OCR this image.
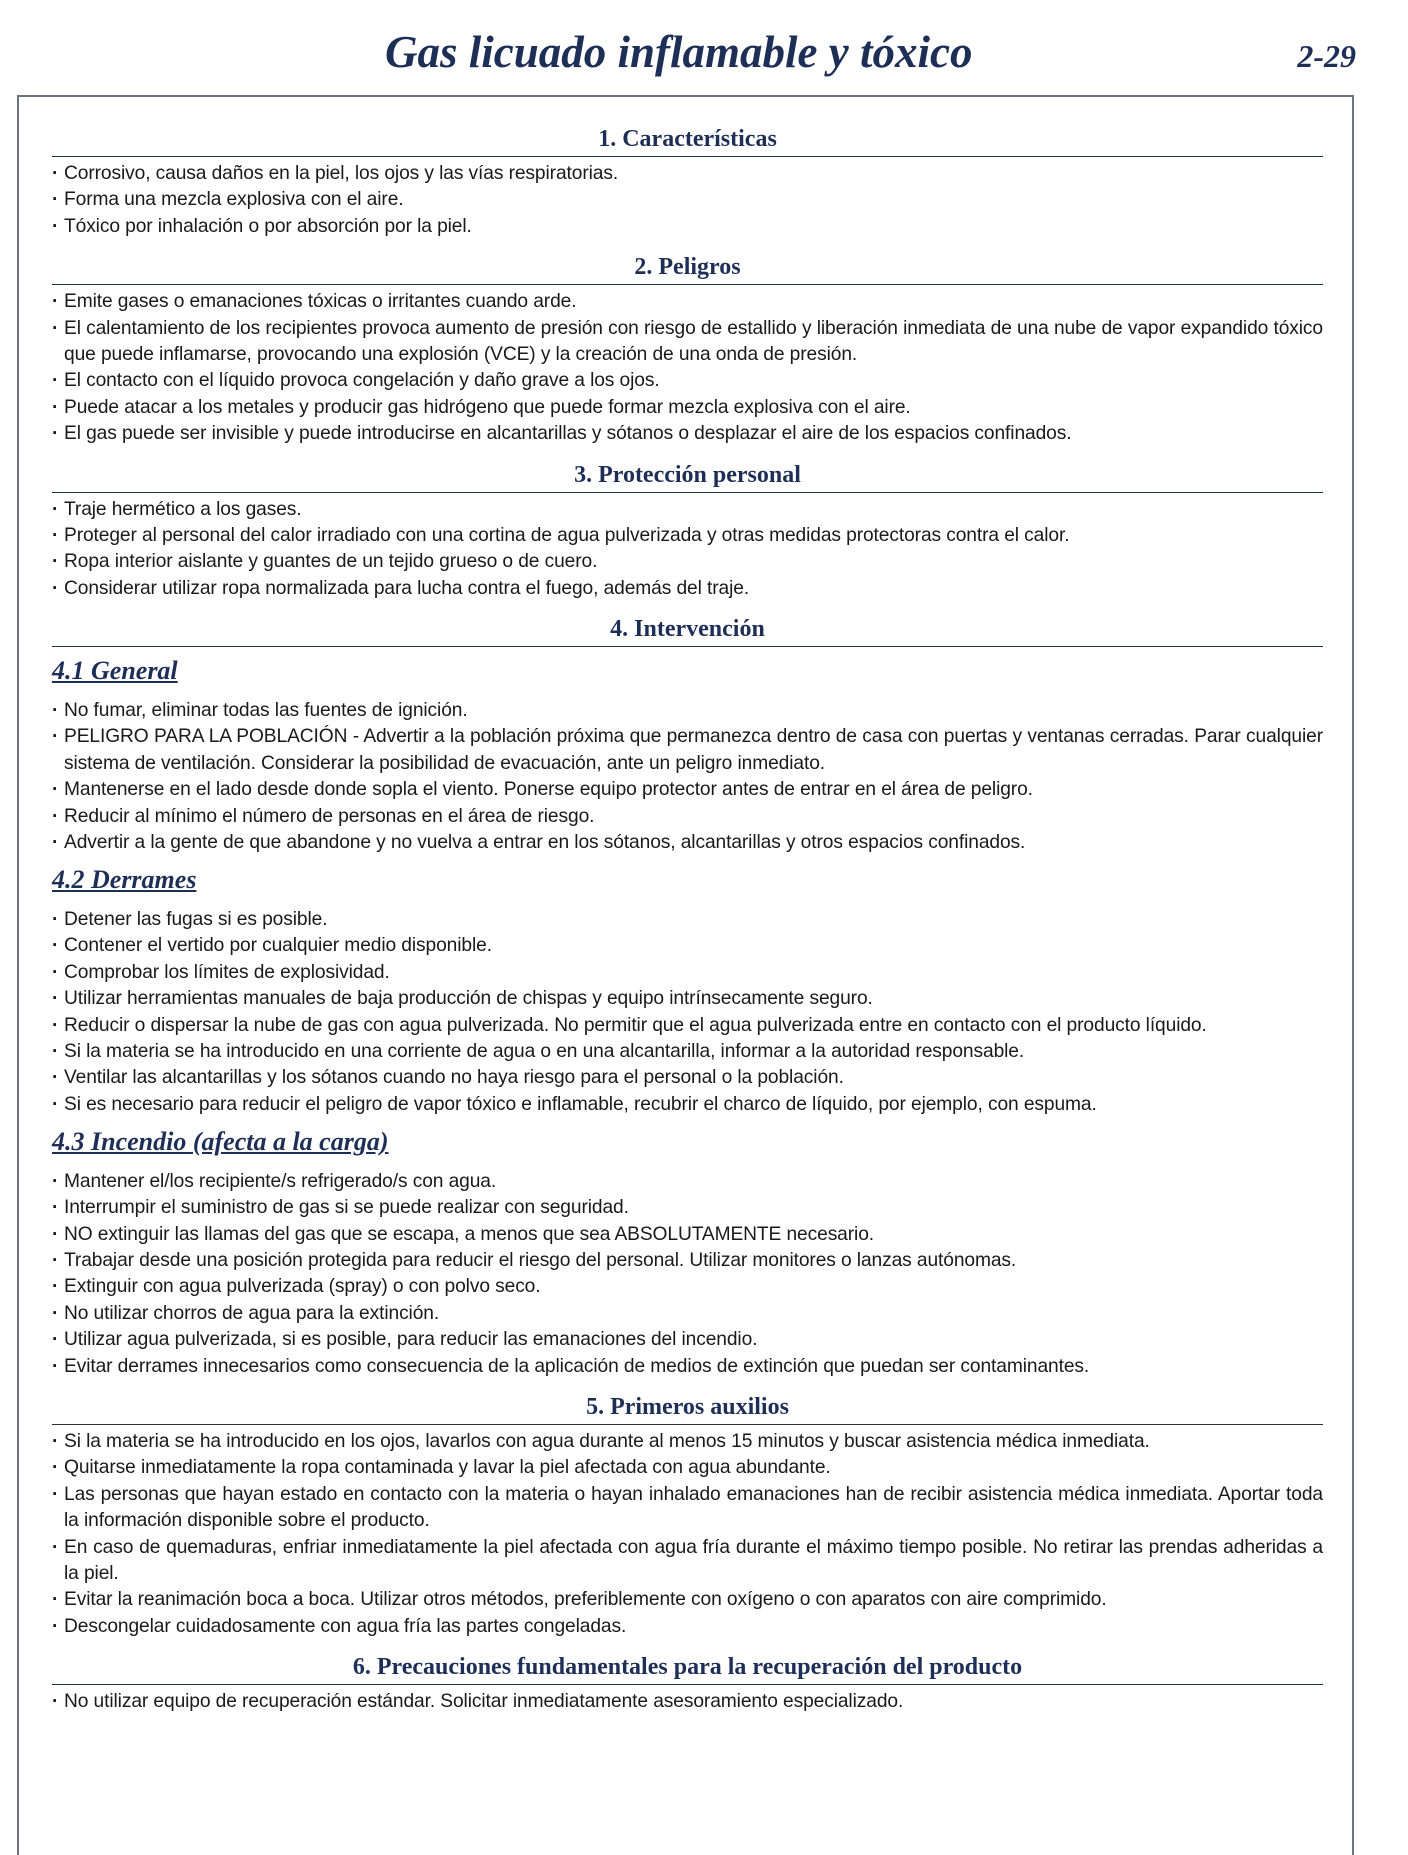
Gas licuado inflamable y tóxico	2-29
1. Características
· Corrosivo, causa daños en la piel, los ojos y las vías respiratorias.
· Forma una mezcla explosiva con el aire.
· Tóxico por inhalación o por absorción por la piel.
2. Peligros
· Emite gases o emanaciones tóxicas o irritantes cuando arde.
· El calentamiento de los recipientes provoca aumento de presión con riesgo de estallido y liberación inmediata de una nube de vapor expandido tóxico que puede inflamarse, provocando una explosión (VCE) y la creación de una onda de presión.
· El contacto con el líquido provoca congelación y daño grave a los ojos.
· Puede atacar a los metales y producir gas hidrógeno que puede formar mezcla explosiva con el aire.
· El gas puede ser invisible y puede introducirse en alcantarillas y sótanos o desplazar el aire de los espacios confinados.
3. Protección personal
· Traje hermético a los gases.
· Proteger al personal del calor irradiado con una cortina de agua pulverizada y otras medidas protectoras contra el calor.
· Ropa interior aislante y guantes de un tejido grueso o de cuero.
· Considerar utilizar ropa normalizada para lucha contra el fuego, además del traje.
4. Intervención
4.1 General
· No fumar, eliminar todas las fuentes de ignición.
· PELIGRO PARA LA POBLACIÓN - Advertir a la población próxima que permanezca dentro de casa con puertas y ventanas cerradas. Parar cualquier sistema de ventilación. Considerar la posibilidad de evacuación, ante un peligro inmediato.
· Mantenerse en el lado desde donde sopla el viento. Ponerse equipo protector antes de entrar en el área de peligro.
· Reducir al mínimo el número de personas en el área de riesgo.
· Advertir a la gente de que abandone y no vuelva a entrar en los sótanos, alcantarillas y otros espacios confinados.
4.2 Derrames
· Detener las fugas si es posible.
· Contener el vertido por cualquier medio disponible.
· Comprobar los límites de explosividad.
· Utilizar herramientas manuales de baja producción de chispas y equipo intrínsecamente seguro.
· Reducir o dispersar la nube de gas con agua pulverizada. No permitir que el agua pulverizada entre en contacto con el producto líquido.
· Si la materia se ha introducido en una corriente de agua o en una alcantarilla, informar a la autoridad responsable.
· Ventilar las alcantarillas y los sótanos cuando no haya riesgo para el personal o la población.
· Si es necesario para reducir el peligro de vapor tóxico e inflamable, recubrir el charco de líquido, por ejemplo, con espuma.
4.3 Incendio (afecta a la carga)
· Mantener el/los recipiente/s refrigerado/s con agua.
· Interrumpir el suministro de gas si se puede realizar con seguridad.
· NO extinguir las llamas del gas que se escapa, a menos que sea ABSOLUTAMENTE necesario.
· Trabajar desde una posición protegida para reducir el riesgo del personal. Utilizar monitores o lanzas autónomas.
· Extinguir con agua pulverizada (spray) o con polvo seco.
· No utilizar chorros de agua para la extinción.
· Utilizar agua pulverizada, si es posible, para reducir las emanaciones del incendio.
· Evitar derrames innecesarios como consecuencia de la aplicación de medios de extinción que puedan ser contaminantes.
5. Primeros auxilios
· Si la materia se ha introducido en los ojos, lavarlos con agua durante al menos 15 minutos y buscar asistencia médica inmediata.
· Quitarse inmediatamente la ropa contaminada y lavar la piel afectada con agua abundante.
· Las personas que hayan estado en contacto con la materia o hayan inhalado emanaciones han de recibir asistencia médica inmediata. Aportar toda la información disponible sobre el producto.
· En caso de quemaduras, enfriar inmediatamente la piel afectada con agua fría durante el máximo tiempo posible. No retirar las prendas adheridas a la piel.
· Evitar la reanimación boca a boca. Utilizar otros métodos, preferiblemente con oxígeno o con aparatos con aire comprimido.
· Descongelar cuidadosamente con agua fría las partes congeladas.
6. Precauciones fundamentales para la recuperación del producto
· No utilizar equipo de recuperación estándar. Solicitar inmediatamente asesoramiento especializado.
